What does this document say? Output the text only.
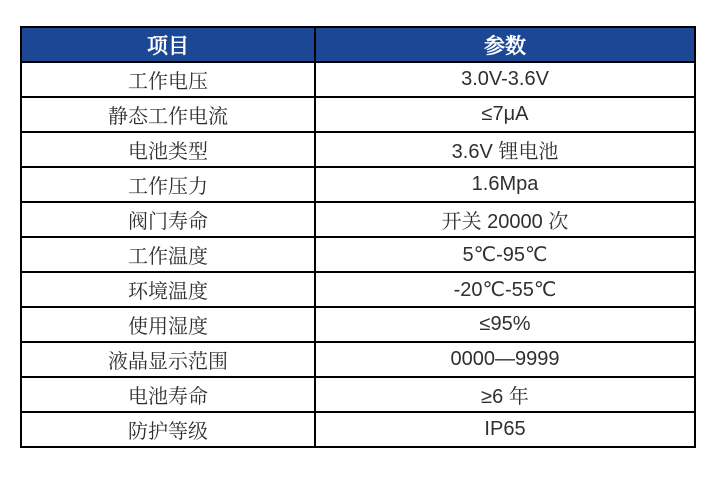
项目	参数
工作电压	3.0V-3.6V
静态工作电流	≤7μA
电池类型	3.6V 锂电池
工作压力	1.6Mpa
阀门寿命	开关 20000 次
工作温度	5℃-95℃
环境温度	-20℃-55℃
使用湿度	≤95%
液晶显示范围	0000—9999
电池寿命	≥6 年
防护等级	IP65
